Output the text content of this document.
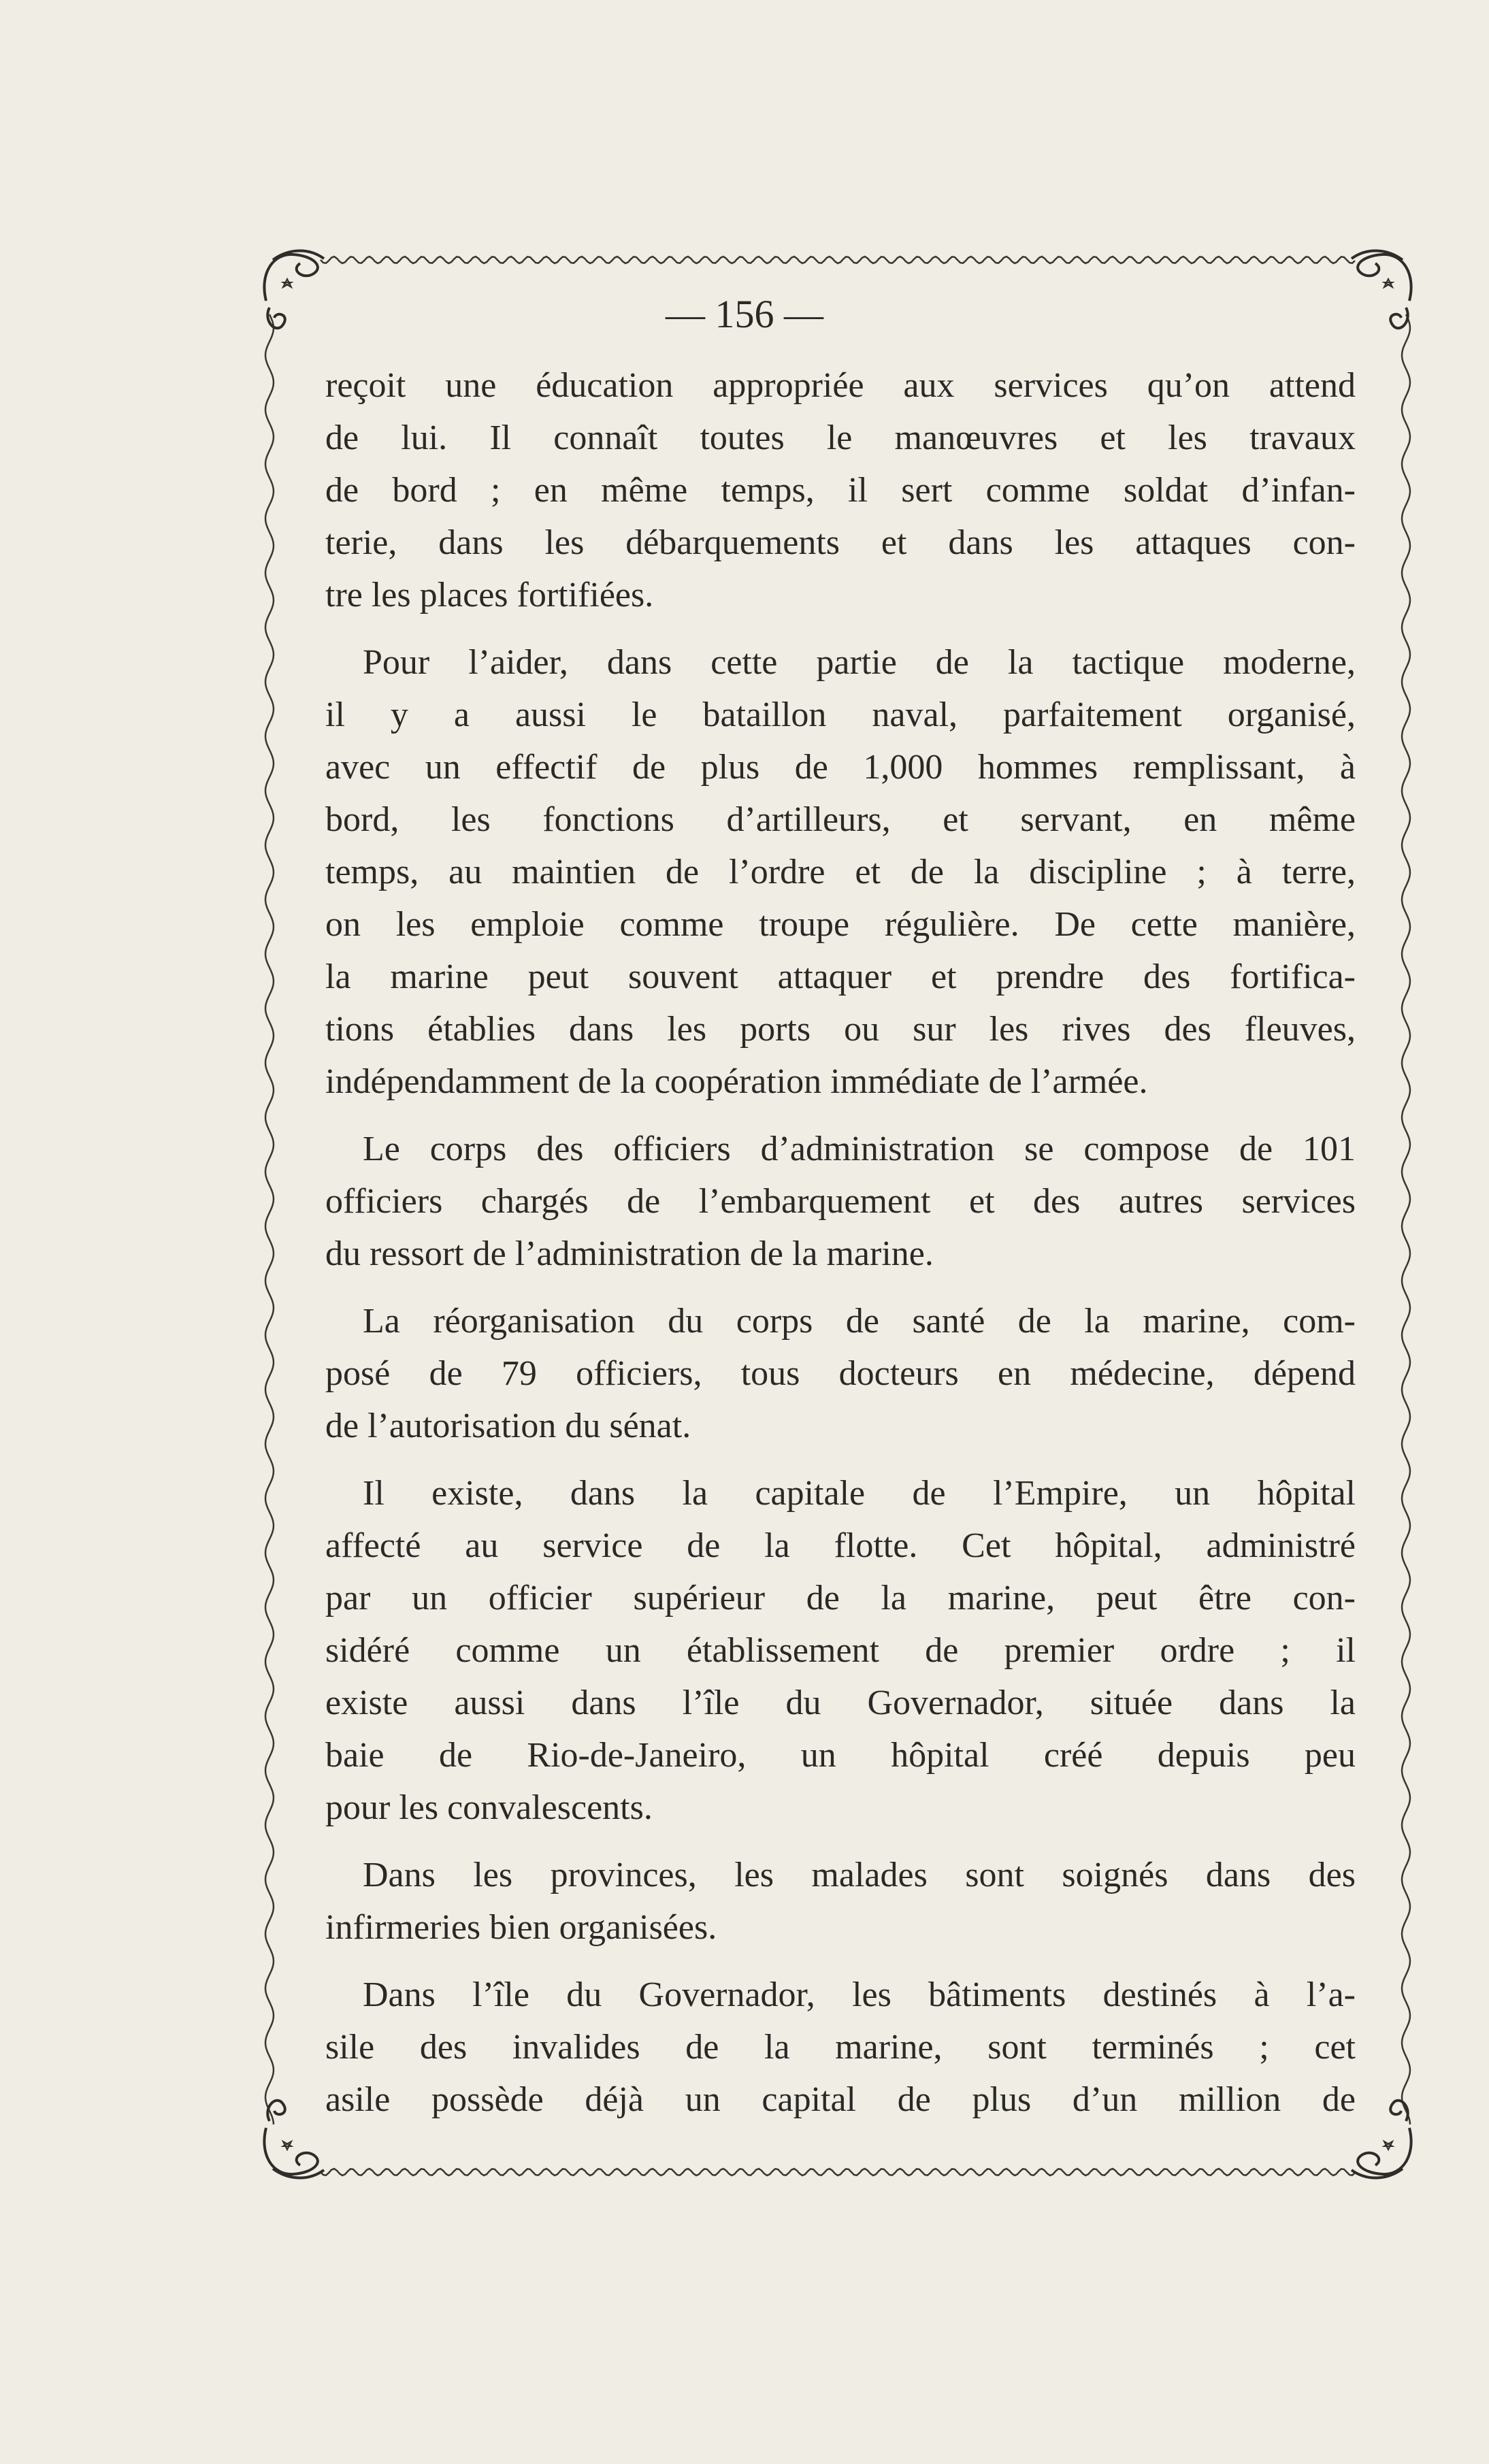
— 156 —
reçoit une éducation appropriée aux services qu’on attend
de lui. Il connaît toutes le manœuvres et les travaux
de bord ; en même temps, il sert comme soldat d’infan-
terie, dans les débarquements et dans les attaques con-
tre les places fortifiées.
Pour l’aider, dans cette partie de la tactique moderne,
il y a aussi le bataillon naval, parfaitement organisé,
avec un effectif de plus de 1,000 hommes remplissant, à
bord, les fonctions d’artilleurs, et servant, en même
temps, au maintien de l’ordre et de la discipline ; à terre,
on les emploie comme troupe régulière. De cette manière,
la marine peut souvent attaquer et prendre des fortifica-
tions établies dans les ports ou sur les rives des fleuves,
indépendamment de la coopération immédiate de l’armée.
Le corps des officiers d’administration se compose de 101
officiers chargés de l’embarquement et des autres services
du ressort de l’administration de la marine.
La réorganisation du corps de santé de la marine, com-
posé de 79 officiers, tous docteurs en médecine, dépend
de l’autorisation du sénat.
Il existe, dans la capitale de l’Empire, un hôpital
affecté au service de la flotte. Cet hôpital, administré
par un officier supérieur de la marine, peut être con-
sidéré comme un établissement de premier ordre ; il
existe aussi dans l’île du Governador, située dans la
baie de Rio-de-Janeiro, un hôpital créé depuis peu
pour les convalescents.
Dans les provinces, les malades sont soignés dans des
infirmeries bien organisées.
Dans l’île du Governador, les bâtiments destinés à l’a-
sile des invalides de la marine, sont terminés ; cet
asile possède déjà un capital de plus d’un million de
